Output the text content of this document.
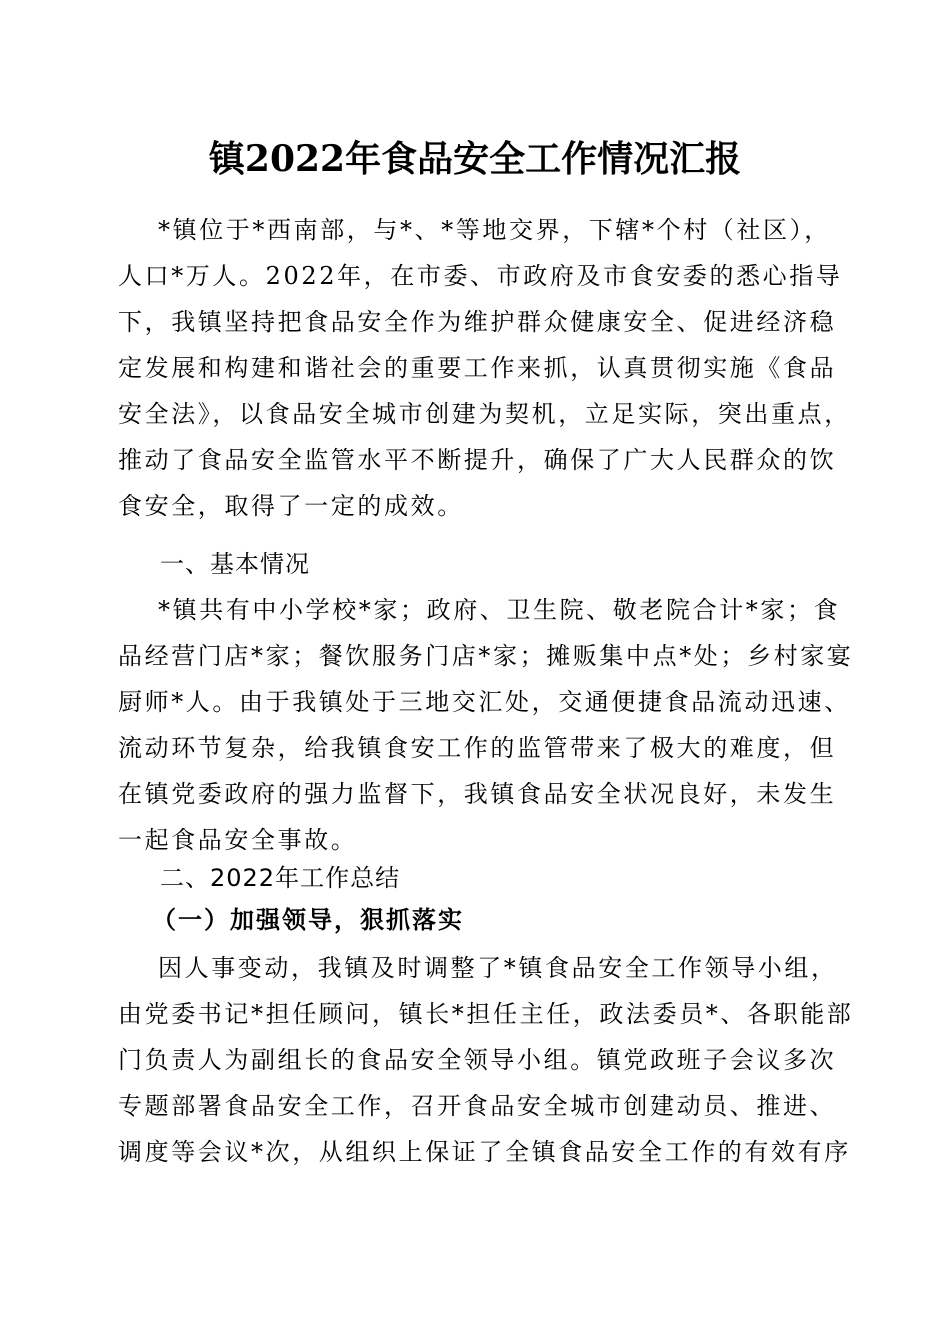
镇2022年食品安全工作情况汇报
*镇位于*西南部，与*、*等地交界，下辖*个村（社区），
人口*万人。2022年，在市委、市政府及市食安委的悉心指导
下，我镇坚持把食品安全作为维护群众健康安全、促进经济稳
定发展和构建和谐社会的重要工作来抓，认真贯彻实施《食品
安全法》，以食品安全城市创建为契机，立足实际，突出重点，
推动了食品安全监管水平不断提升，确保了广大人民群众的饮
食安全，取得了一定的成效。
一、基本情况
*镇共有中小学校*家；政府、卫生院、敬老院合计*家；食
品经营门店*家；餐饮服务门店*家；摊贩集中点*处；乡村家宴
厨师*人。由于我镇处于三地交汇处，交通便捷食品流动迅速、
流动环节复杂，给我镇食安工作的监管带来了极大的难度，但
在镇党委政府的强力监督下，我镇食品安全状况良好，未发生
一起食品安全事故。
二、2022年工作总结
（一）加强领导，狠抓落实
因人事变动，我镇及时调整了*镇食品安全工作领导小组，
由党委书记*担任顾问，镇长*担任主任，政法委员*、各职能部
门负责人为副组长的食品安全领导小组。镇党政班子会议多次
专题部署食品安全工作，召开食品安全城市创建动员、推进、
调度等会议*次，从组织上保证了全镇食品安全工作的有效有序
